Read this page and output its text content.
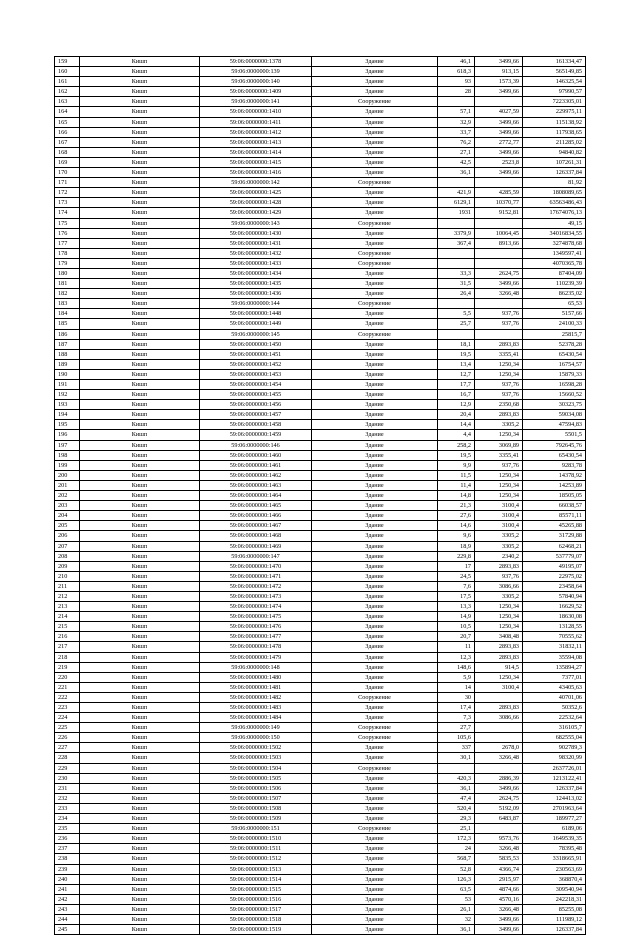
159	Кишп	59:06:0000000:1378	Здание	46,1	3499,66	161334,47
160	Кишп	59:06:0000000:139	Здание	618,3	913,15	565149,85
161	Кишп	59:06:0000000:140	Здание	93	1573,39	146325,54
162	Кишп	59:06:0000000:1409	Здание	28	3499,66	97990,57
163	Кишп	59:06:0000000:141	Сооружение			7223305,01
164	Кишп	59:06:0000000:1410	Здание	57,1	4027,59	229975,11
165	Кишп	59:06:0000000:1411	Здание	32,9	3499,66	115138,92
166	Кишп	59:06:0000000:1412	Здание	33,7	3499,66	117938,65
167	Кишп	59:06:0000000:1413	Здание	76,2	2772,77	211285,02
168	Кишп	59:06:0000000:1414	Здание	27,1	3499,66	94840,82
169	Кишп	59:06:0000000:1415	Здание	42,5	2523,8	107261,31
170	Кишп	59:06:0000000:1416	Здание	36,1	3499,66	126337,84
171	Кишп	59:06:0000000:142	Сооружение			81,92
172	Кишп	59:06:0000000:1425	Здание	421,9	4285,59	1808089,65
173	Кишп	59:06:0000000:1428	Здание	6129,1	10370,77	63563486,43
174	Кишп	59:06:0000000:1429	Здание	1931	9152,81	17674076,13
175	Кишп	59:06:0000000:143	Сооружение			49,15
176	Кишп	59:06:0000000:1430	Здание	3379,9	10064,45	34016834,55
177	Кишп	59:06:0000000:1431	Здание	367,4	8913,66	3274878,68
178	Кишп	59:06:0000000:1432	Сооружение			1349597,41
179	Кишп	59:06:0000000:1433	Сооружение			4070365,78
180	Кишп	59:06:0000000:1434	Здание	33,3	2624,75	87404,09
181	Кишп	59:06:0000000:1435	Здание	31,5	3499,66	110239,39
182	Кишп	59:06:0000000:1436	Здание	26,4	3266,48	86235,02
183	Кишп	59:06:0000000:144	Сооружение			65,53
184	Кишп	59:06:0000000:1448	Здание	5,5	937,76	5157,66
185	Кишп	59:06:0000000:1449	Здание	25,7	937,76	24100,33
186	Кишп	59:06:0000000:145	Сооружение			25815,7
187	Кишп	59:06:0000000:1450	Здание	18,1	2893,83	52378,28
188	Кишп	59:06:0000000:1451	Здание	19,5	3355,41	65430,54
189	Кишп	59:06:0000000:1452	Здание	13,4	1250,34	16754,57
190	Кишп	59:06:0000000:1453	Здание	12,7	1250,34	15879,33
191	Кишп	59:06:0000000:1454	Здание	17,7	937,76	16598,28
192	Кишп	59:06:0000000:1455	Здание	16,7	937,76	15660,52
193	Кишп	59:06:0000000:1456	Здание	12,9	2350,68	30323,75
194	Кишп	59:06:0000000:1457	Здание	20,4	2893,83	59034,08
195	Кишп	59:06:0000000:1458	Здание	14,4	3305,2	47594,83
196	Кишп	59:06:0000000:1459	Здание	4,4	1250,34	5501,5
197	Кишп	59:06:0000000:146	Здание	258,2	3069,89	792645,76
198	Кишп	59:06:0000000:1460	Здание	19,5	3355,41	65430,54
199	Кишп	59:06:0000000:1461	Здание	9,9	937,76	9283,78
200	Кишп	59:06:0000000:1462	Здание	11,5	1250,34	14378,92
201	Кишп	59:06:0000000:1463	Здание	11,4	1250,34	14253,89
202	Кишп	59:06:0000000:1464	Здание	14,8	1250,34	18505,05
203	Кишп	59:06:0000000:1465	Здание	21,3	3100,4	66038,57
204	Кишп	59:06:0000000:1466	Здание	27,6	3100,4	85571,11
205	Кишп	59:06:0000000:1467	Здание	14,6	3100,4	45265,88
206	Кишп	59:06:0000000:1468	Здание	9,6	3305,2	31729,88
207	Кишп	59:06:0000000:1469	Здание	18,9	3305,2	62468,21
208	Кишп	59:06:0000000:147	Здание	229,8	2340,2	537779,07
209	Кишп	59:06:0000000:1470	Здание	17	2893,83	49195,07
210	Кишп	59:06:0000000:1471	Здание	24,5	937,76	22975,02
211	Кишп	59:06:0000000:1472	Здание	7,6	3086,66	23458,64
212	Кишп	59:06:0000000:1473	Здание	17,5	3305,2	57840,94
213	Кишп	59:06:0000000:1474	Здание	13,3	1250,34	16629,52
214	Кишп	59:06:0000000:1475	Здание	14,9	1250,34	18630,08
215	Кишп	59:06:0000000:1476	Здание	10,5	1250,34	13128,55
216	Кишп	59:06:0000000:1477	Здание	20,7	3408,48	70555,62
217	Кишп	59:06:0000000:1478	Здание	11	2893,83	31832,11
218	Кишп	59:06:0000000:1479	Здание	12,3	2893,83	35594,08
219	Кишп	59:06:0000000:148	Здание	148,6	914,5	135894,27
220	Кишп	59:06:0000000:1480	Здание	5,9	1250,34	7377,01
221	Кишп	59:06:0000000:1481	Здание	14	3100,4	43405,63
222	Кишп	59:06:0000000:1482	Сооружение	30		40701,06
223	Кишп	59:06:0000000:1483	Здание	17,4	2893,83	50352,6
224	Кишп	59:06:0000000:1484	Здание	7,3	3086,66	22532,64
225	Кишп	59:06:0000000:149	Сооружение	27,7		316105,7
226	Кишп	59:06:0000000:150	Сооружение	105,6		682555,04
227	Кишп	59:06:0000000:1502	Здание	337	2678,0	902789,3
228	Кишп	59:06:0000000:1503	Здание	30,1	3266,48	98320,99
229	Кишп	59:06:0000000:1504	Сооружение			2637726,01
230	Кишп	59:06:0000000:1505	Здание	420,3	2886,39	1213122,41
231	Кишп	59:06:0000000:1506	Здание	36,1	3499,66	126337,84
232	Кишп	59:06:0000000:1507	Здание	47,4	2624,75	124413,02
233	Кишп	59:06:0000000:1508	Здание	520,4	5192,09	2701963,64
234	Кишп	59:06:0000000:1509	Здание	29,3	6483,87	189977,27
235	Кишп	59:06:0000000:151	Сооружение	25,1		6189,06
236	Кишп	59:06:0000000:1510	Здание	172,3	9573,76	1649539,35
237	Кишп	59:06:0000000:1511	Здание	24	3266,48	78395,48
238	Кишп	59:06:0000000:1512	Здание	568,7	5835,53	3318665,91
239	Кишп	59:06:0000000:1513	Здание	52,8	4366,74	230563,69
240	Кишп	59:06:0000000:1514	Здание	126,3	2915,97	368870,4
241	Кишп	59:06:0000000:1515	Здание	63,5	4874,66	309540,94
242	Кишп	59:06:0000000:1516	Здание	53	4570,16	242218,31
243	Кишп	59:06:0000000:1517	Здание	26,1	3266,48	85255,08
244	Кишп	59:06:0000000:1518	Здание	32	3499,66	111989,12
245	Кишп	59:06:0000000:1519	Здание	36,1	3499,66	126337,84
